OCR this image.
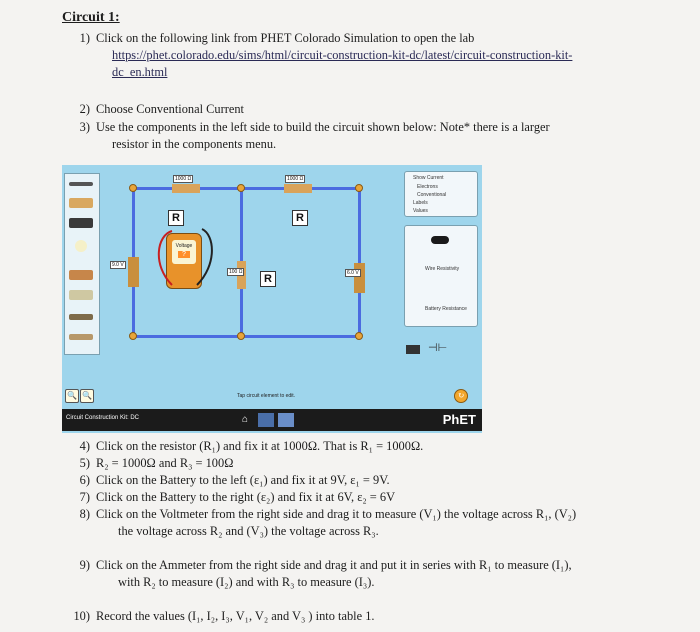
Circuit 1:
1) Click on the following link from PHET Colorado Simulation to open the lab
https://phet.colorado.edu/sims/html/circuit-construction-kit-dc/latest/circuit-construction-kit-
dc_en.html
2) Choose Conventional Current
3) Use the components in the left side to build the circuit shown below: Note* there is a larger
resistor in the components menu.
1000 Ω	1000 Ω
100 Ω
R	R
R
9.0 V
6.0 V
Voltage
?
Show Current
Electrons
Conventional
Labels
Values
Wire Resistivity
Battery Resistance
⊣⊢
🔍 🔍	↻
Tap circuit element to edit.
Circuit Construction Kit: DC	⌂	PhET
4) Click on the resistor (R₁) and fix it at 1000Ω. That is R₁ = 1000Ω.
5) R₂ = 1000Ω and R₃ = 100Ω
6) Click on the Battery to the left (ε₁) and fix it at 9V, ε₁ = 9V.
7) Click on the Battery to the right (ε₂) and fix it at 6V, ε₂ = 6V
8) Click on the Voltmeter from the right side and drag it to measure (V₁) the voltage across R₁, (V₂)
the voltage across R₂ and (V₃) the voltage across R₃.
9) Click on the Ammeter from the right side and drag it and put it in series with R₁ to measure (I₁),
with R₂ to measure (I₂) and with R₃ to measure (I₃).
10) Record the values (I₁, I₂, I₃, V₁, V₂ and V₃ ) into table 1.
